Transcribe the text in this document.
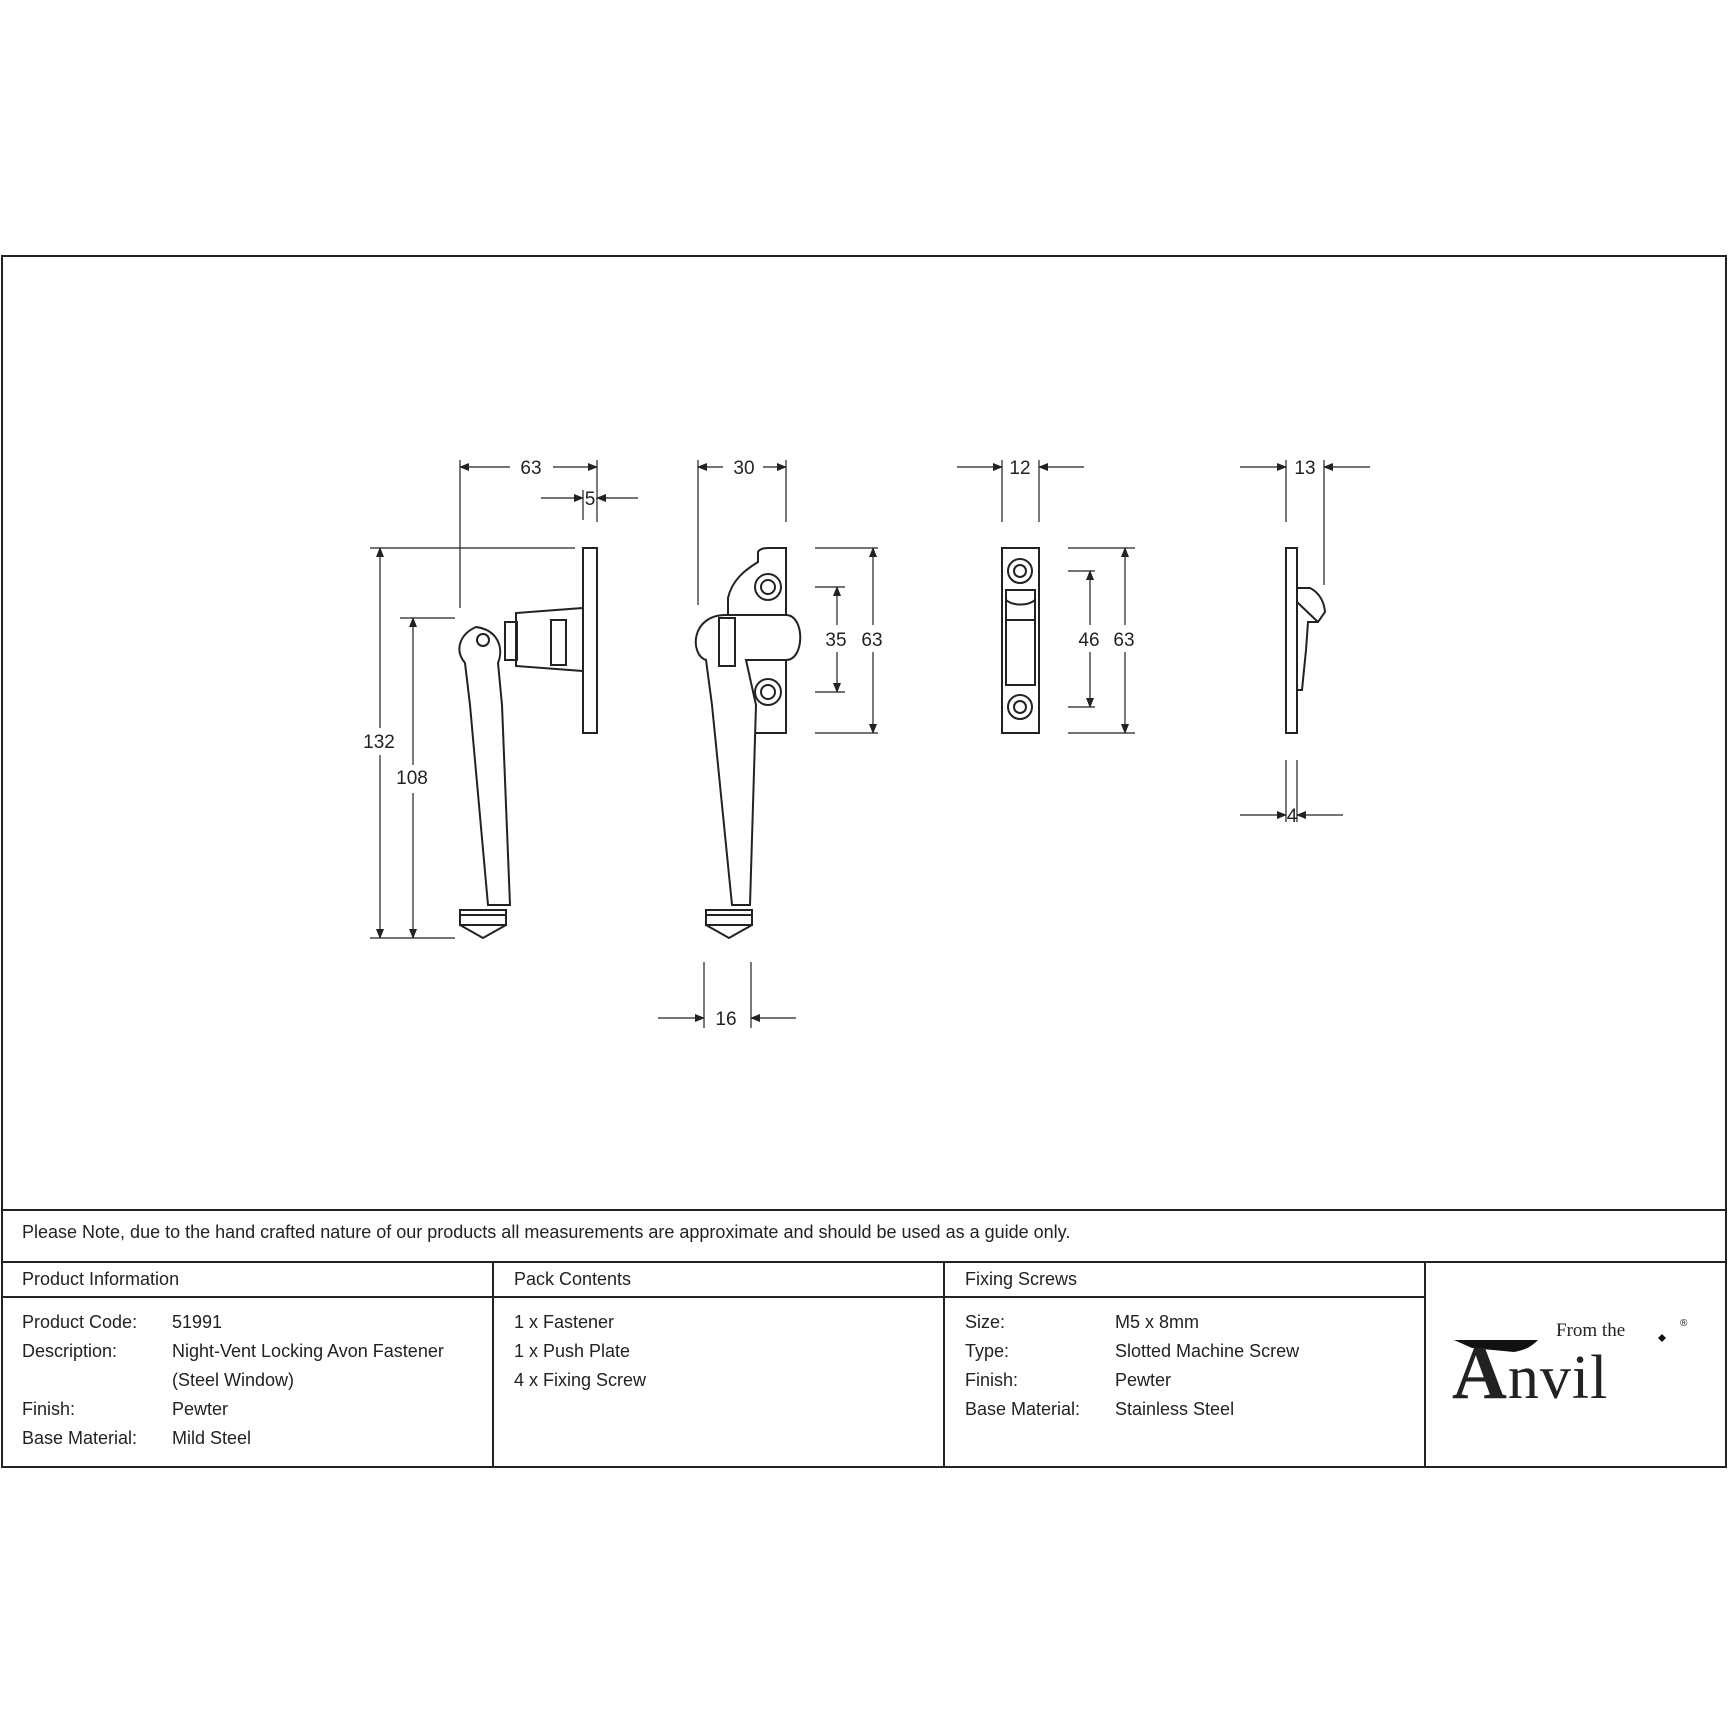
63
5
132
108
30
35 63
16
12
46 63
13
4
Please Note, due to the hand crafted nature of our products all measurements are approximate and should be used as a guide only.
Product Information
Product Code: 51991
Description:	Night-Vent Locking Avon Fastener
(Steel Window)
Finish:	Pewter
Base Material: Mild Steel
Pack Contents
1 x Fastener
1 x Push Plate
4 x Fixing Screw
Fixing Screws
Size:	M5 x 8mm
Type:	Slotted Machine Screw
Finish:	Pewter
Base Material: Stainless Steel
From the
Anvil
®
